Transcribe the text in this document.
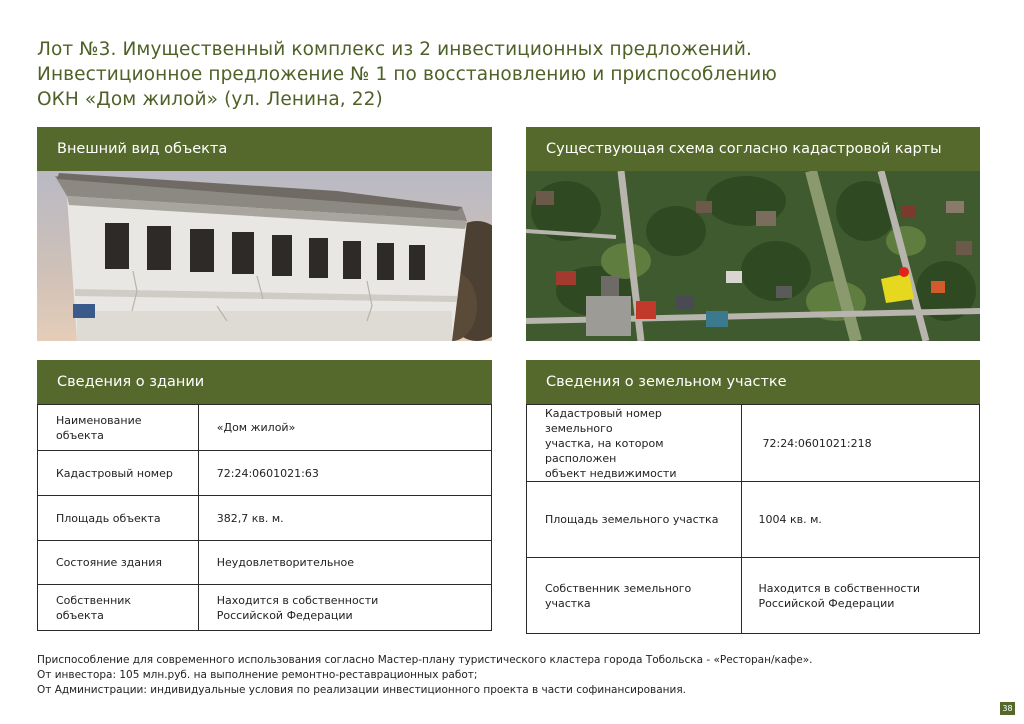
Лот №3. Имущественный комплекс из 2 инвестиционных предложений.
Инвестиционное предложение № 1 по восстановлению и приспособлению
ОКН «Дом жилой» (ул. Ленина, 22)
Внешний вид объекта	Существующая схема согласно кадастровой карты
Сведения о здании
Наименование объекта	«Дом жилой»
Кадастровый номер	72:24:0601021:63
Площадь объекта	382,7 кв. м.
Состояние здания	Неудовлетворительное
Собственник объекта	Находится в собственности
Российской Федерации
Сведения о земельном участке
Кадастровый номер земельного
участка, на котором расположен
объект недвижимости	72:24:0601021:218
Площадь земельного участка	1004 кв. м.
Собственник земельного участка	Находится в собственности
Российской Федерации
Приспособление для современного использования согласно Мастер-плану туристического кластера города Тобольска - «Ресторан/кафе».
От инвестора: 105 млн.руб. на выполнение ремонтно-реставрационных работ;
От Администрации: индивидуальные условия по реализации инвестиционного проекта в части софинансирования.
38
